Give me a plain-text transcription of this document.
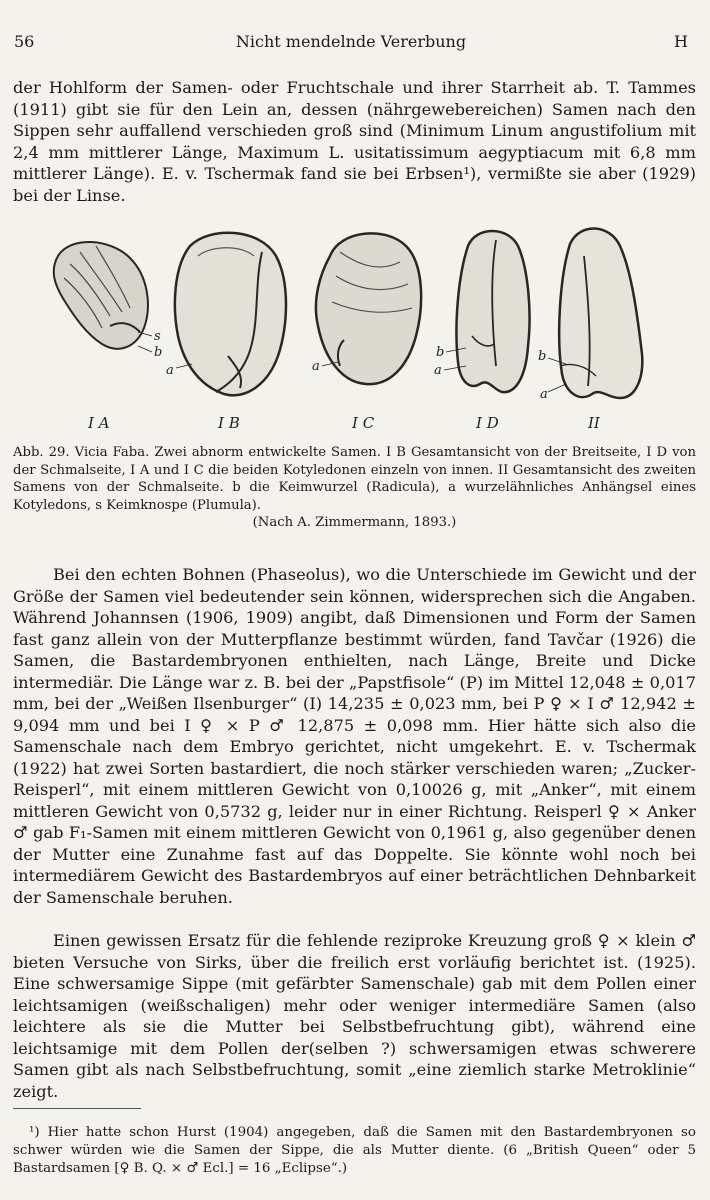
56	Nicht mendelnde Vererbung	H

der Hohlform der Samen- oder Fruchtschale und ihrer Starrheit ab. T. Tammes (1911) gibt sie für den Lein an, dessen (nährgewebereichen) Samen nach den Sippen sehr auffallend verschieden groß sind (Minimum Linum angustifolium mit 2,4 mm mittlerer Länge, Maximum L. usitatissimum aegyptiacum mit 6,8 mm mittlerer Länge). E. v. Tschermak fand sie bei Erbsen¹), vermißte sie aber (1929) bei der Linse.

s
b
a	a
b
a
b
a
I A	I B	I C	I D	II
Abb. 29. Vicia Faba. Zwei abnorm entwickelte Samen. I B Gesamtansicht von der Breitseite, I D von der Schmalseite, I A und I C die beiden Kotyledonen einzeln von innen. II Gesamtansicht des zweiten Samens von der Schmalseite. b die Keimwurzel (Radicula), a wurzelähnliches Anhängsel eines Kotyledons, s Keimknospe (Plumula).
(Nach A. Zimmermann, 1893.)

Bei den echten Bohnen (Phaseolus), wo die Unterschiede im Gewicht und der Größe der Samen viel bedeutender sein können, widersprechen sich die Angaben. Während Johannsen (1906, 1909) angibt, daß Dimensionen und Form der Samen fast ganz allein von der Mutterpflanze bestimmt würden, fand Tavčar (1926) die Samen, die Bastardembryonen enthielten, nach Länge, Breite und Dicke intermediär. Die Länge war z. B. bei der „Papstfisole“ (P) im Mittel 12,048 ± 0,017 mm, bei der „Weißen Ilsenburger“ (I) 14,235 ± 0,023 mm, bei P ♀ × I ♂ 12,942 ± 9,094 mm und bei I ♀ × P ♂ 12,875 ± 0,098 mm. Hier hätte sich also die Samenschale nach dem Embryo gerichtet, nicht umgekehrt. E. v. Tschermak (1922) hat zwei Sorten bastardiert, die noch stärker verschieden waren; „Zucker-Reisperl“, mit einem mittleren Gewicht von 0,10026 g, mit „Anker“, mit einem mittleren Gewicht von 0,5732 g, leider nur in einer Richtung. Reisperl ♀ × Anker ♂ gab F₁-Samen mit einem mittleren Gewicht von 0,1961 g, also gegenüber denen der Mutter eine Zunahme fast auf das Doppelte. Sie könnte wohl noch bei intermediärem Gewicht des Bastardembryos auf einer beträchtlichen Dehnbarkeit der Samenschale beruhen.

Einen gewissen Ersatz für die fehlende reziproke Kreuzung groß ♀ × klein ♂ bieten Versuche von Sirks, über die freilich erst vorläufig berichtet ist. (1925). Eine schwersamige Sippe (mit gefärbter Samenschale) gab mit dem Pollen einer leichtsamigen (weißschaligen) mehr oder weniger intermediäre Samen (also leichtere als sie die Mutter bei Selbstbefruchtung gibt), während eine leichtsamige mit dem Pollen der(selben ?) schwersamigen etwas schwerere Samen gibt als nach Selbstbefruchtung, somit „eine ziemlich starke Metroklinie“ zeigt.

¹) Hier hatte schon Hurst (1904) angegeben, daß die Samen mit den Bastardembryonen so schwer würden wie die Samen der Sippe, die als Mutter diente. (6 „British Queen“ oder 5 Bastardsamen [♀ B. Q. × ♂ Ecl.] = 16 „Eclipse“.)
